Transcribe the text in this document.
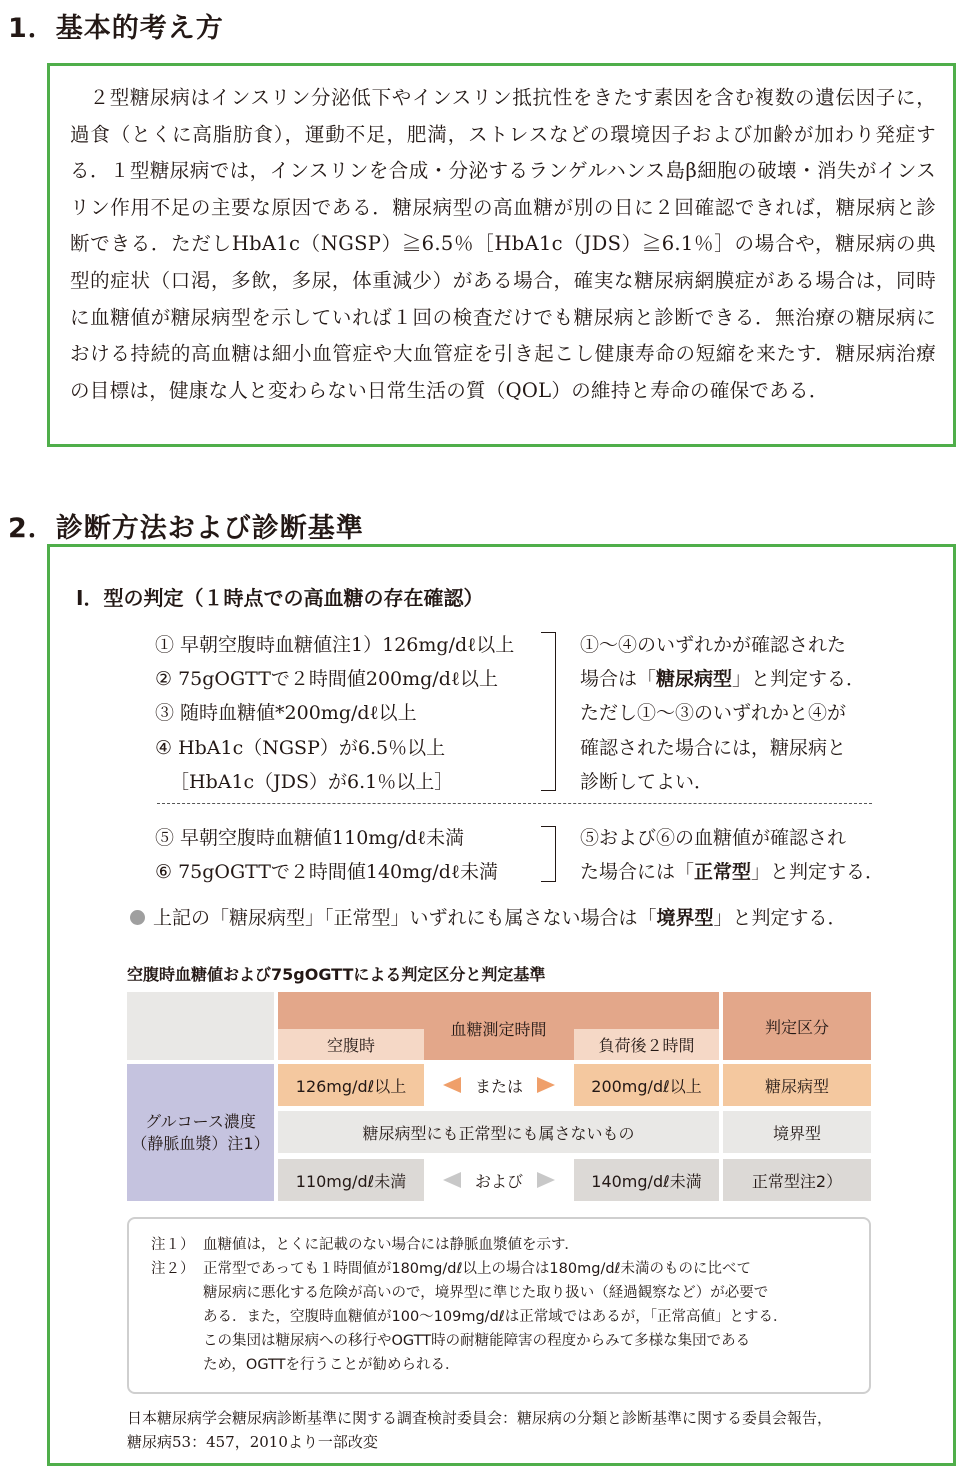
1．基本的考え方
２型糖尿病はインスリン分泌低下やインスリン抵抗性をきたす素因を含む複数の遺伝因子に，過食（とくに高脂肪食），運動不足，肥満，ストレスなどの環境因子および加齢が加わり発症する．１型糖尿病では，インスリンを合成・分泌するランゲルハンス島β細胞の破壊・消失がインスリン作用不足の主要な原因である．糖尿病型の高血糖が別の日に２回確認できれば，糖尿病と診断できる．ただしHbA1c（NGSP）≧6.5％［HbA1c（JDS）≧6.1％］の場合や，糖尿病の典型的症状（口渇，多飲，多尿，体重減少）がある場合，確実な糖尿病網膜症がある場合は，同時に血糖値が糖尿病型を示していれば１回の検査だけでも糖尿病と診断できる．無治療の糖尿病における持続的高血糖は細小血管症や大血管症を引き起こし健康寿命の短縮を来たす．糖尿病治療の目標は，健康な人と変わらない日常生活の質（QOL）の維持と寿命の確保である．
2．診断方法および診断基準
Ⅰ．型の判定（１時点での高血糖の存在確認）
① 早朝空腹時血糖値注1）126mg/dℓ以上
② 75gOGTTで２時間値200mg/dℓ以上
③ 随時血糖値*200mg/dℓ以上
④ HbA1c（NGSP）が6.5％以上
［HbA1c（JDS）が6.1％以上］
①〜④のいずれかが確認された
場合は「糖尿病型」と判定する．
ただし①〜③のいずれかと④が
確認された場合には，糖尿病と
診断してよい．
⑤ 早朝空腹時血糖値110mg/dℓ未満
⑥ 75gOGTTで２時間値140mg/dℓ未満
⑤および⑥の血糖値が確認され
た場合には「正常型」と判定する．
上記の「糖尿病型」「正常型」いずれにも属さない場合は「境界型」と判定する．
空腹時血糖値および75gOGTTによる判定区分と判定基準
血糖測定時間
空腹時	負荷後２時間
判定区分
グルコース濃度
（静脈血漿）注1）
126mg/dℓ以上	または	200mg/dℓ以上	糖尿病型
糖尿病型にも正常型にも属さないもの	境界型
110mg/dℓ未満	および	140mg/dℓ未満	正常型注2）
注１） 血糖値は，とくに記載のない場合には静脈血漿値を示す．
注２） 正常型であっても１時間値が180mg/dℓ以上の場合は180mg/dℓ未満のものに比べて
糖尿病に悪化する危険が高いので，境界型に準じた取り扱い（経過観察など）が必要で
ある．また，空腹時血糖値が100〜109mg/dℓは正常域ではあるが，「正常高値」とする．
この集団は糖尿病への移行やOGTT時の耐糖能障害の程度からみて多様な集団である
ため，OGTTを行うことが勧められる．
日本糖尿病学会糖尿病診断基準に関する調査検討委員会：糖尿病の分類と診断基準に関する委員会報告，
糖尿病53：457，2010より一部改変
